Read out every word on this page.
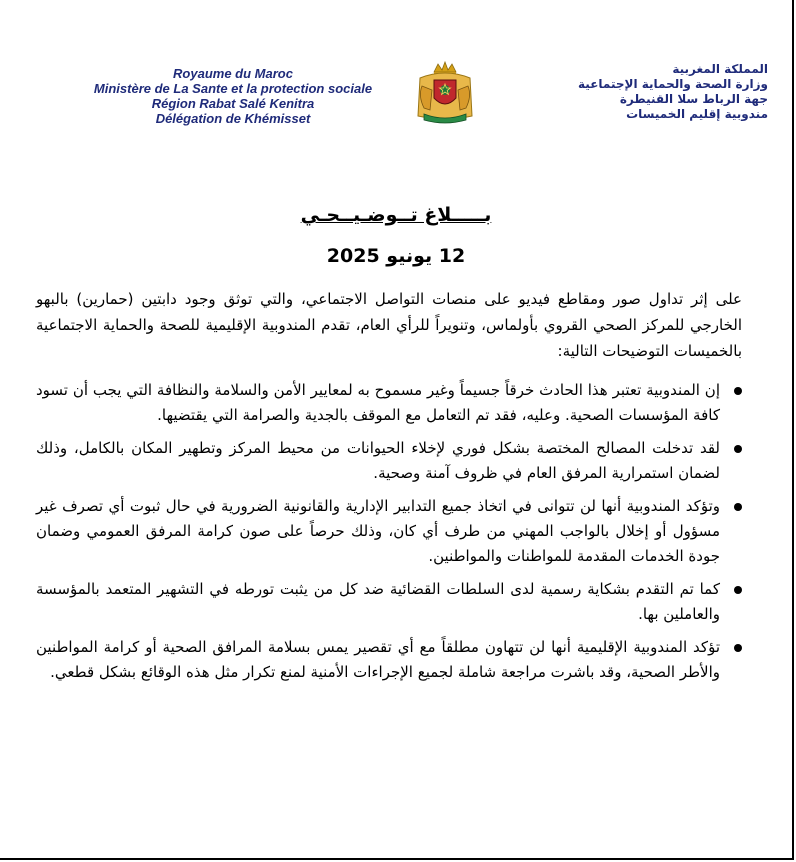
Royaume du Maroc
Ministère de La Sante et la protection sociale
Région Rabat Salé Kenitra
Délégation de Khémisset
المملكة المغربية
وزارة الصحة والحماية الإجتماعية
جهة الرباط سلا القنيطرة
مندوبية إقليم الخميسات
بـــــلاغ تــوضـيــحـي
12 يونيو 2025
على إثر تداول صور ومقاطع فيديو على منصات التواصل الاجتماعي، والتي توثق وجود دابتين (حمارين) بالبهو الخارجي للمركز الصحي القروي بأولماس، وتنويراً للرأي العام، تقدم المندوبية الإقليمية للصحة والحماية الاجتماعية بالخميسات التوضيحات التالية:
إن المندوبية تعتبر هذا الحادث خرقاً جسيماً وغير مسموح به لمعايير الأمن والسلامة والنظافة التي يجب أن تسود كافة المؤسسات الصحية. وعليه، فقد تم التعامل مع الموقف بالجدية والصرامة التي يقتضيها.
لقد تدخلت المصالح المختصة بشكل فوري لإخلاء الحيوانات من محيط المركز وتطهير المكان بالكامل، وذلك لضمان استمرارية المرفق العام في ظروف آمنة وصحية.
وتؤكد المندوبية أنها لن تتوانى في اتخاذ جميع التدابير الإدارية والقانونية الضرورية في حال ثبوت أي تصرف غير مسؤول أو إخلال بالواجب المهني من طرف أي كان، وذلك حرصاً على صون كرامة المرفق العمومي وضمان جودة الخدمات المقدمة للمواطنات والمواطنين.
كما تم التقدم بشكاية رسمية لدى السلطات القضائية ضد كل من يثبت تورطه في التشهير المتعمد بالمؤسسة والعاملين بها.
تؤكد المندوبية الإقليمية أنها لن تتهاون مطلقاً مع أي تقصير يمس بسلامة المرافق الصحية أو كرامة المواطنين والأطر الصحية، وقد باشرت مراجعة شاملة لجميع الإجراءات الأمنية لمنع تكرار مثل هذه الوقائع بشكل قطعي.
